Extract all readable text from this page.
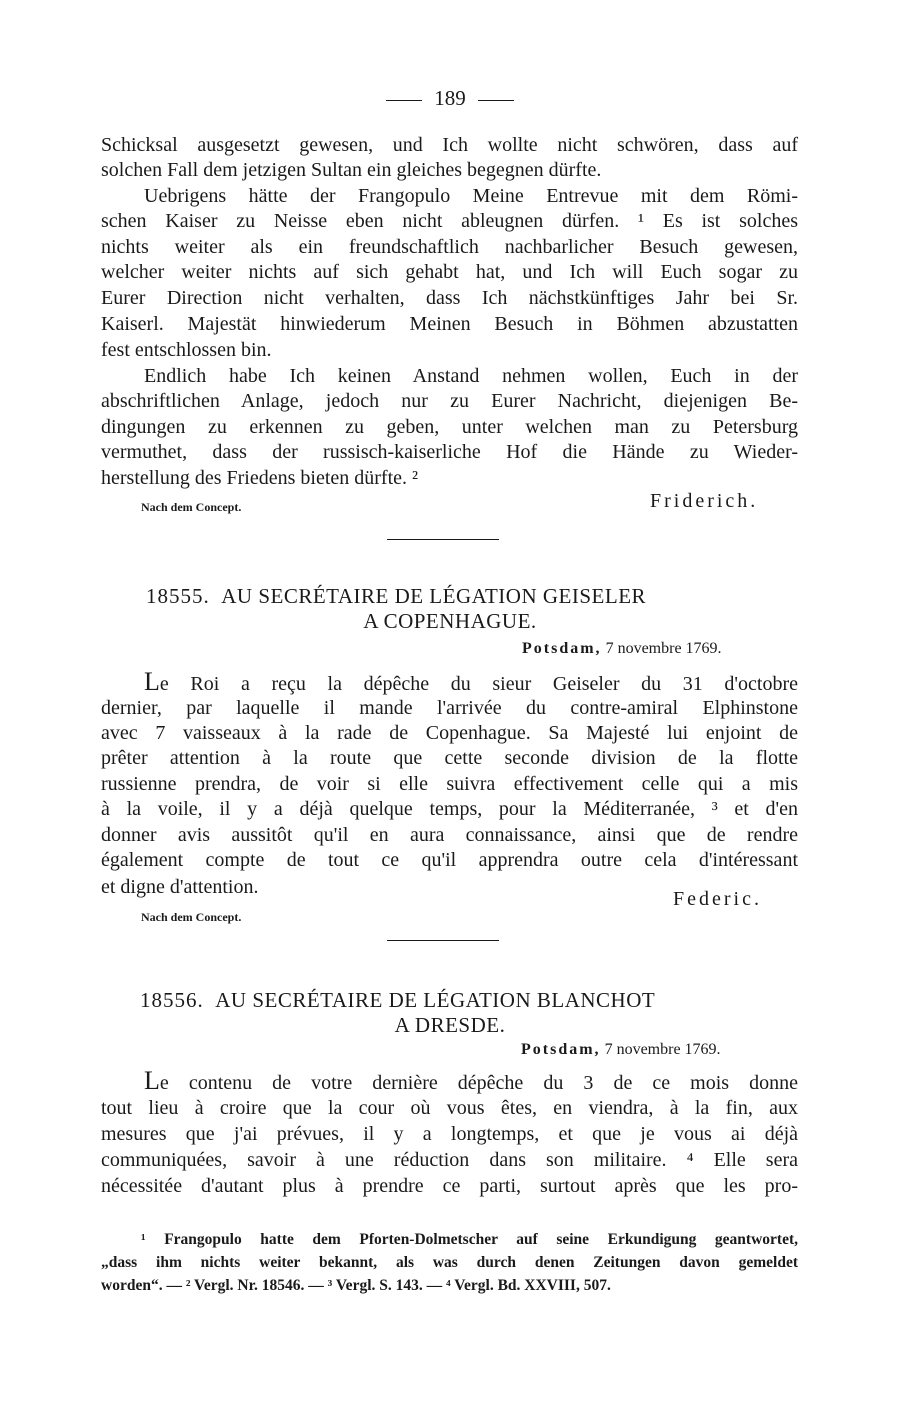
189
Schicksal ausgesetzt gewesen, und Ich wollte nicht schwören, dass auf
solchen Fall dem jetzigen Sultan ein gleiches begegnen dürfte.
Uebrigens hätte der Frangopulo Meine Entrevue mit dem Römi-
schen Kaiser zu Neisse eben nicht ableugnen dürfen. ¹ Es ist solches
nichts weiter als ein freundschaftlich nachbarlicher Besuch gewesen,
welcher weiter nichts auf sich gehabt hat, und Ich will Euch sogar zu
Eurer Direction nicht verhalten, dass Ich nächstkünftiges Jahr bei Sr.
Kaiserl. Majestät hinwiederum Meinen Besuch in Böhmen abzustatten
fest entschlossen bin.
Endlich habe Ich keinen Anstand nehmen wollen, Euch in der
abschriftlichen Anlage, jedoch nur zu Eurer Nachricht, diejenigen Be-
dingungen zu erkennen zu geben, unter welchen man zu Petersburg
vermuthet, dass der russisch-kaiserliche Hof die Hände zu Wieder-
herstellung des Friedens bieten dürfte. ²
Nach dem Concept.	Friderich.
18555. AU SECRÉTAIRE DE LÉGATION GEISELER
A COPENHAGUE.
Potsdam, 7 novembre 1769.
Le Roi a reçu la dépêche du sieur Geiseler du 31 d'octobre
dernier, par laquelle il mande l'arrivée du contre-amiral Elphinstone
avec 7 vaisseaux à la rade de Copenhague. Sa Majesté lui enjoint de
prêter attention à la route que cette seconde division de la flotte
russienne prendra, de voir si elle suivra effectivement celle qui a mis
à la voile, il y a déjà quelque temps, pour la Méditerranée, ³ et d'en
donner avis aussitôt qu'il en aura connaissance, ainsi que de rendre
également compte de tout ce qu'il apprendra outre cela d'intéressant
et digne d'attention.
Federic.
Nach dem Concept.
18556. AU SECRÉTAIRE DE LÉGATION BLANCHOT
A DRESDE.
Potsdam, 7 novembre 1769.
Le contenu de votre dernière dépêche du 3 de ce mois donne
tout lieu à croire que la cour où vous êtes, en viendra, à la fin, aux
mesures que j'ai prévues, il y a longtemps, et que je vous ai déjà
communiquées, savoir à une réduction dans son militaire. ⁴ Elle sera
nécessitée d'autant plus à prendre ce parti, surtout après que les pro-
¹ Frangopulo hatte dem Pforten-Dolmetscher auf seine Erkundigung geantwortet,
„dass ihm nichts weiter bekannt, als was durch denen Zeitungen davon gemeldet
worden“. — ² Vergl. Nr. 18546. — ³ Vergl. S. 143. — ⁴ Vergl. Bd. XXVIII, 507.
